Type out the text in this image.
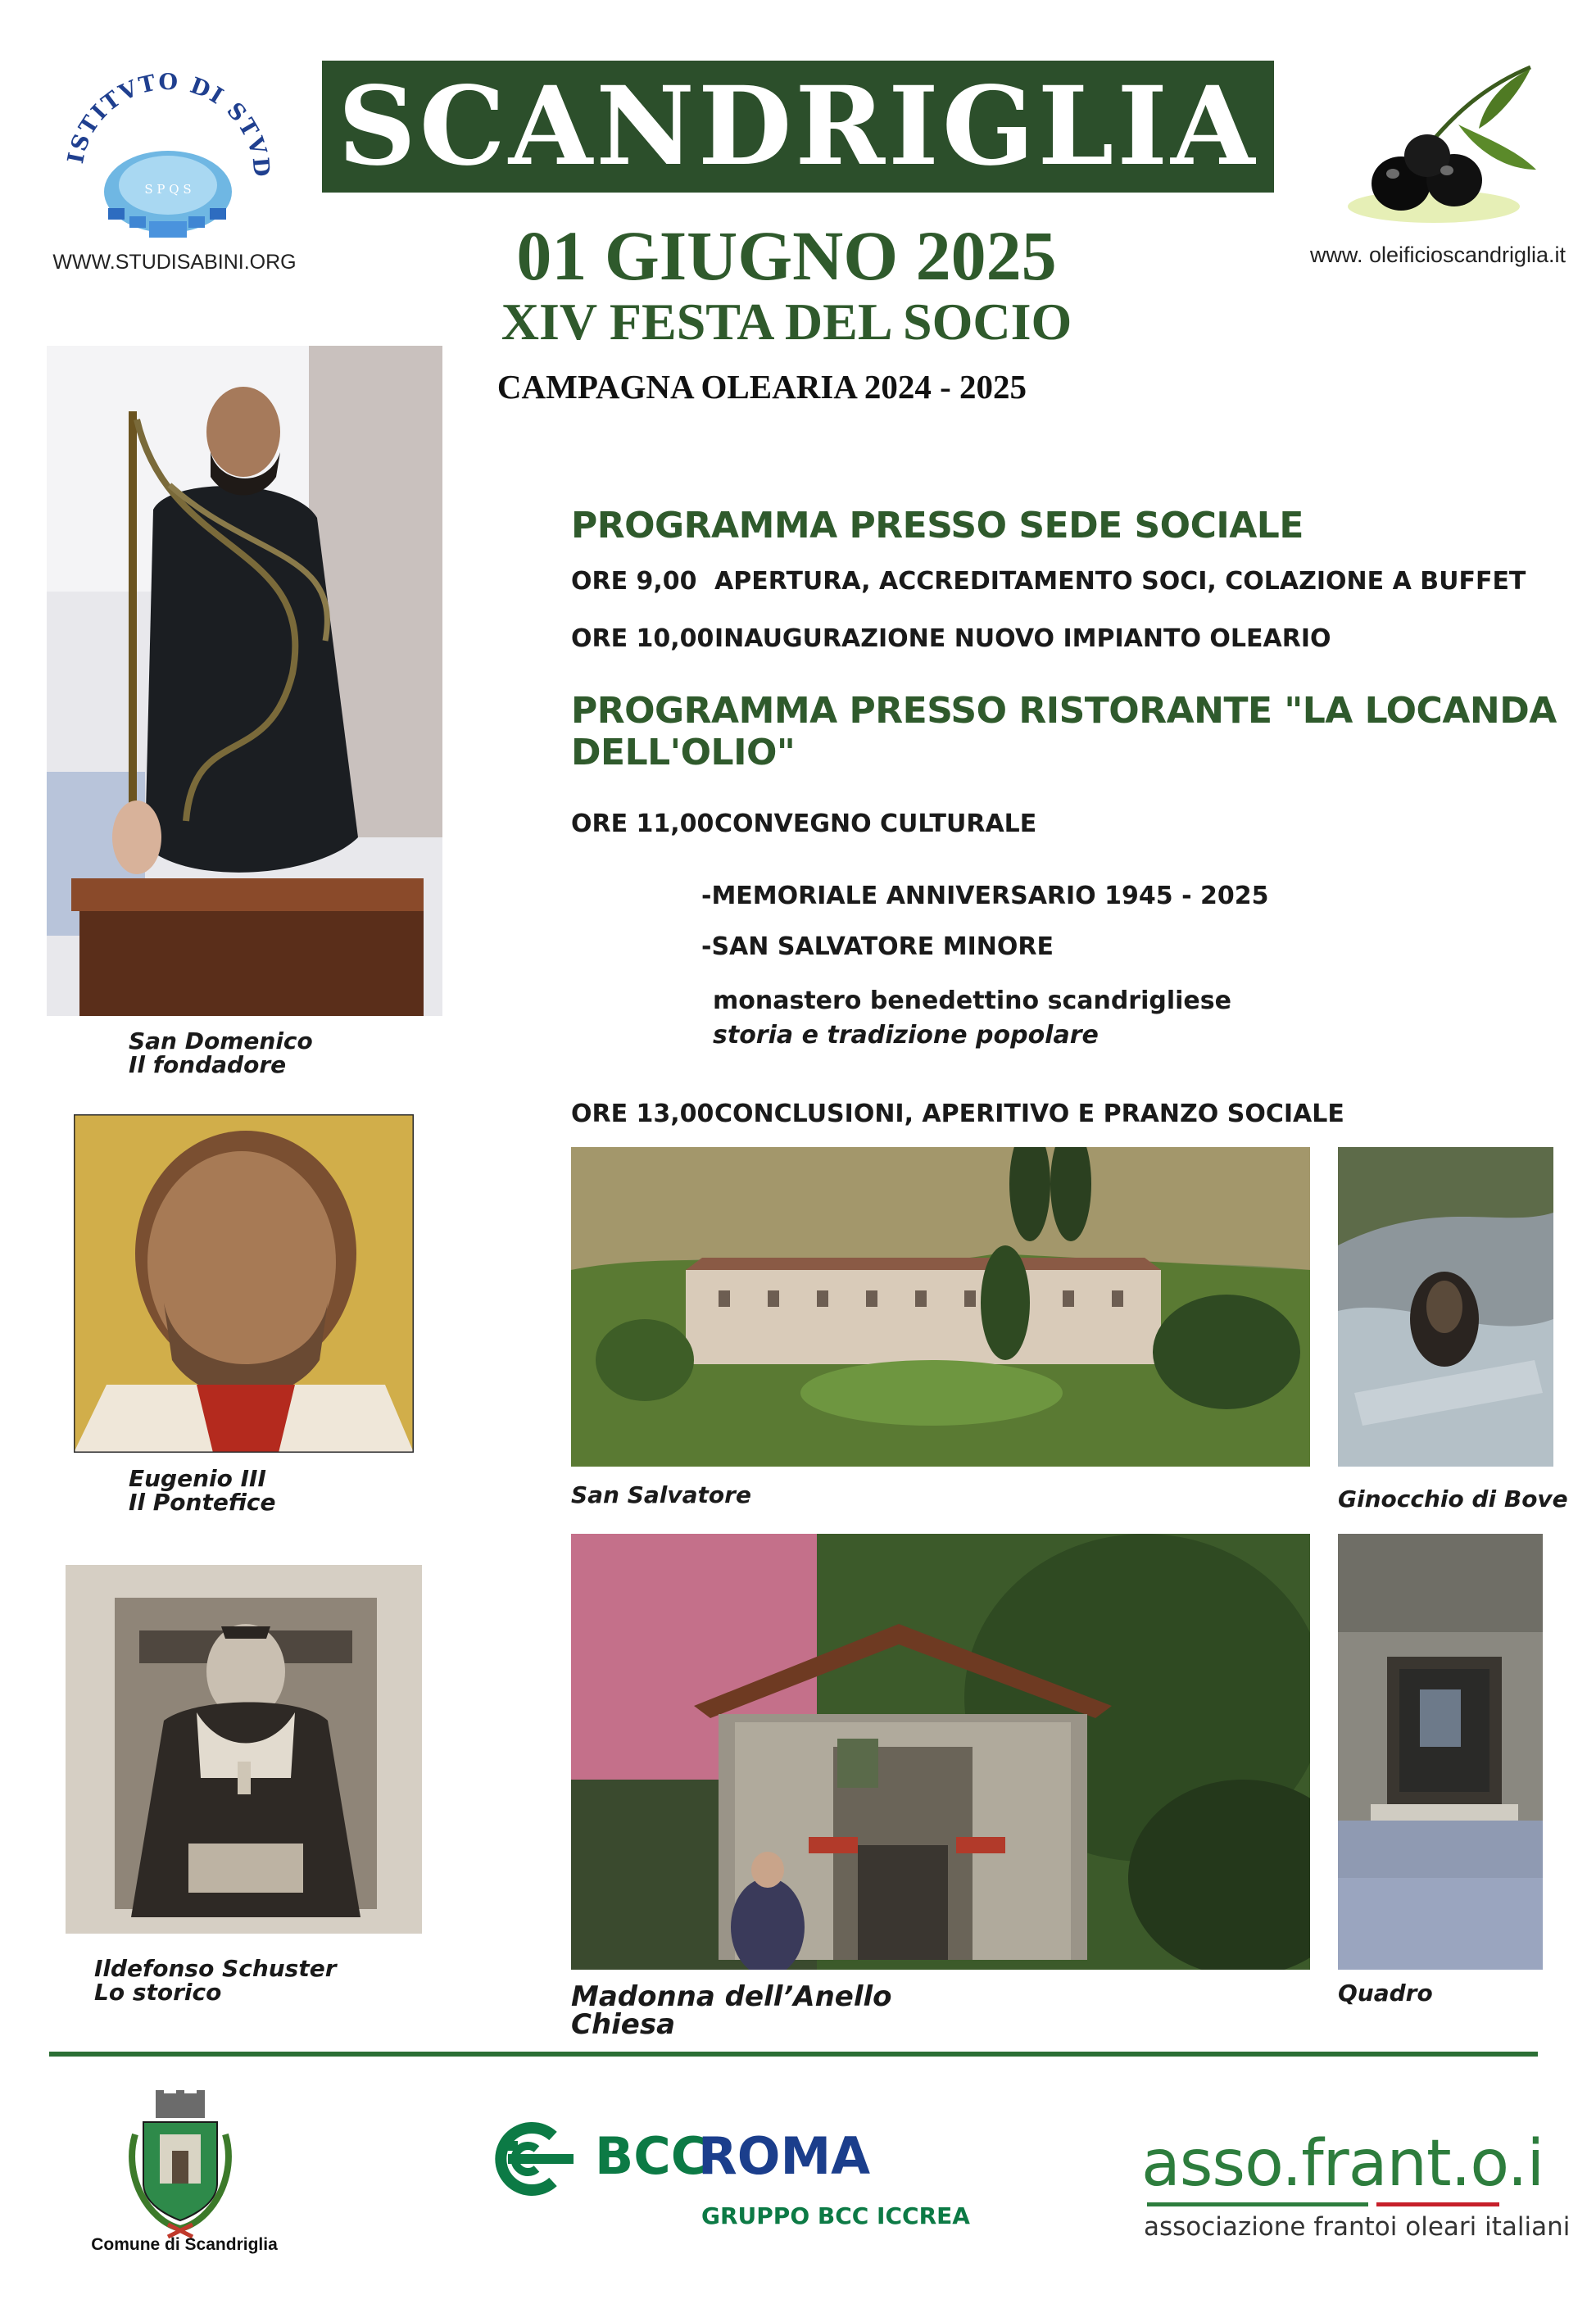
ISTITVTO DI STVD
S P Q S
WWW.STUDISABINI.ORG
SCANDRIGLIA
www. oleificioscandriglia.it
01 GIUGNO 2025
XIV FESTA DEL SOCIO
CAMPAGNA OLEARIA 2024 - 2025
PROGRAMMA PRESSO SEDE SOCIALE
ORE 9,00 APERTURA, ACCREDITAMENTO SOCI, COLAZIONE A BUFFET
ORE 10,00INAUGURAZIONE NUOVO IMPIANTO OLEARIO
PROGRAMMA PRESSO RISTORANTE "LA LOCANDA DELL'OLIO"
ORE 11,00CONVEGNO CULTURALE
-MEMORIALE ANNIVERSARIO 1945 - 2025
-SAN SALVATORE MINORE
monastero benedettino scandrigliese
storia e tradizione popolare
ORE 13,00CONCLUSIONI, APERITIVO E PRANZO SOCIALE
San Domenico
Il fondadore
Eugenio III
Il Pontefice
Ildefonso Schuster
Lo storico
San Salvatore	Ginocchio di Bove
Madonna dell’Anello
Chiesa
Quadro
Comune di Scandriglia
BCC
ROMA
GRUPPO BCC ICCREA
asso.frant.o.i
associazione frantoi oleari italiani
